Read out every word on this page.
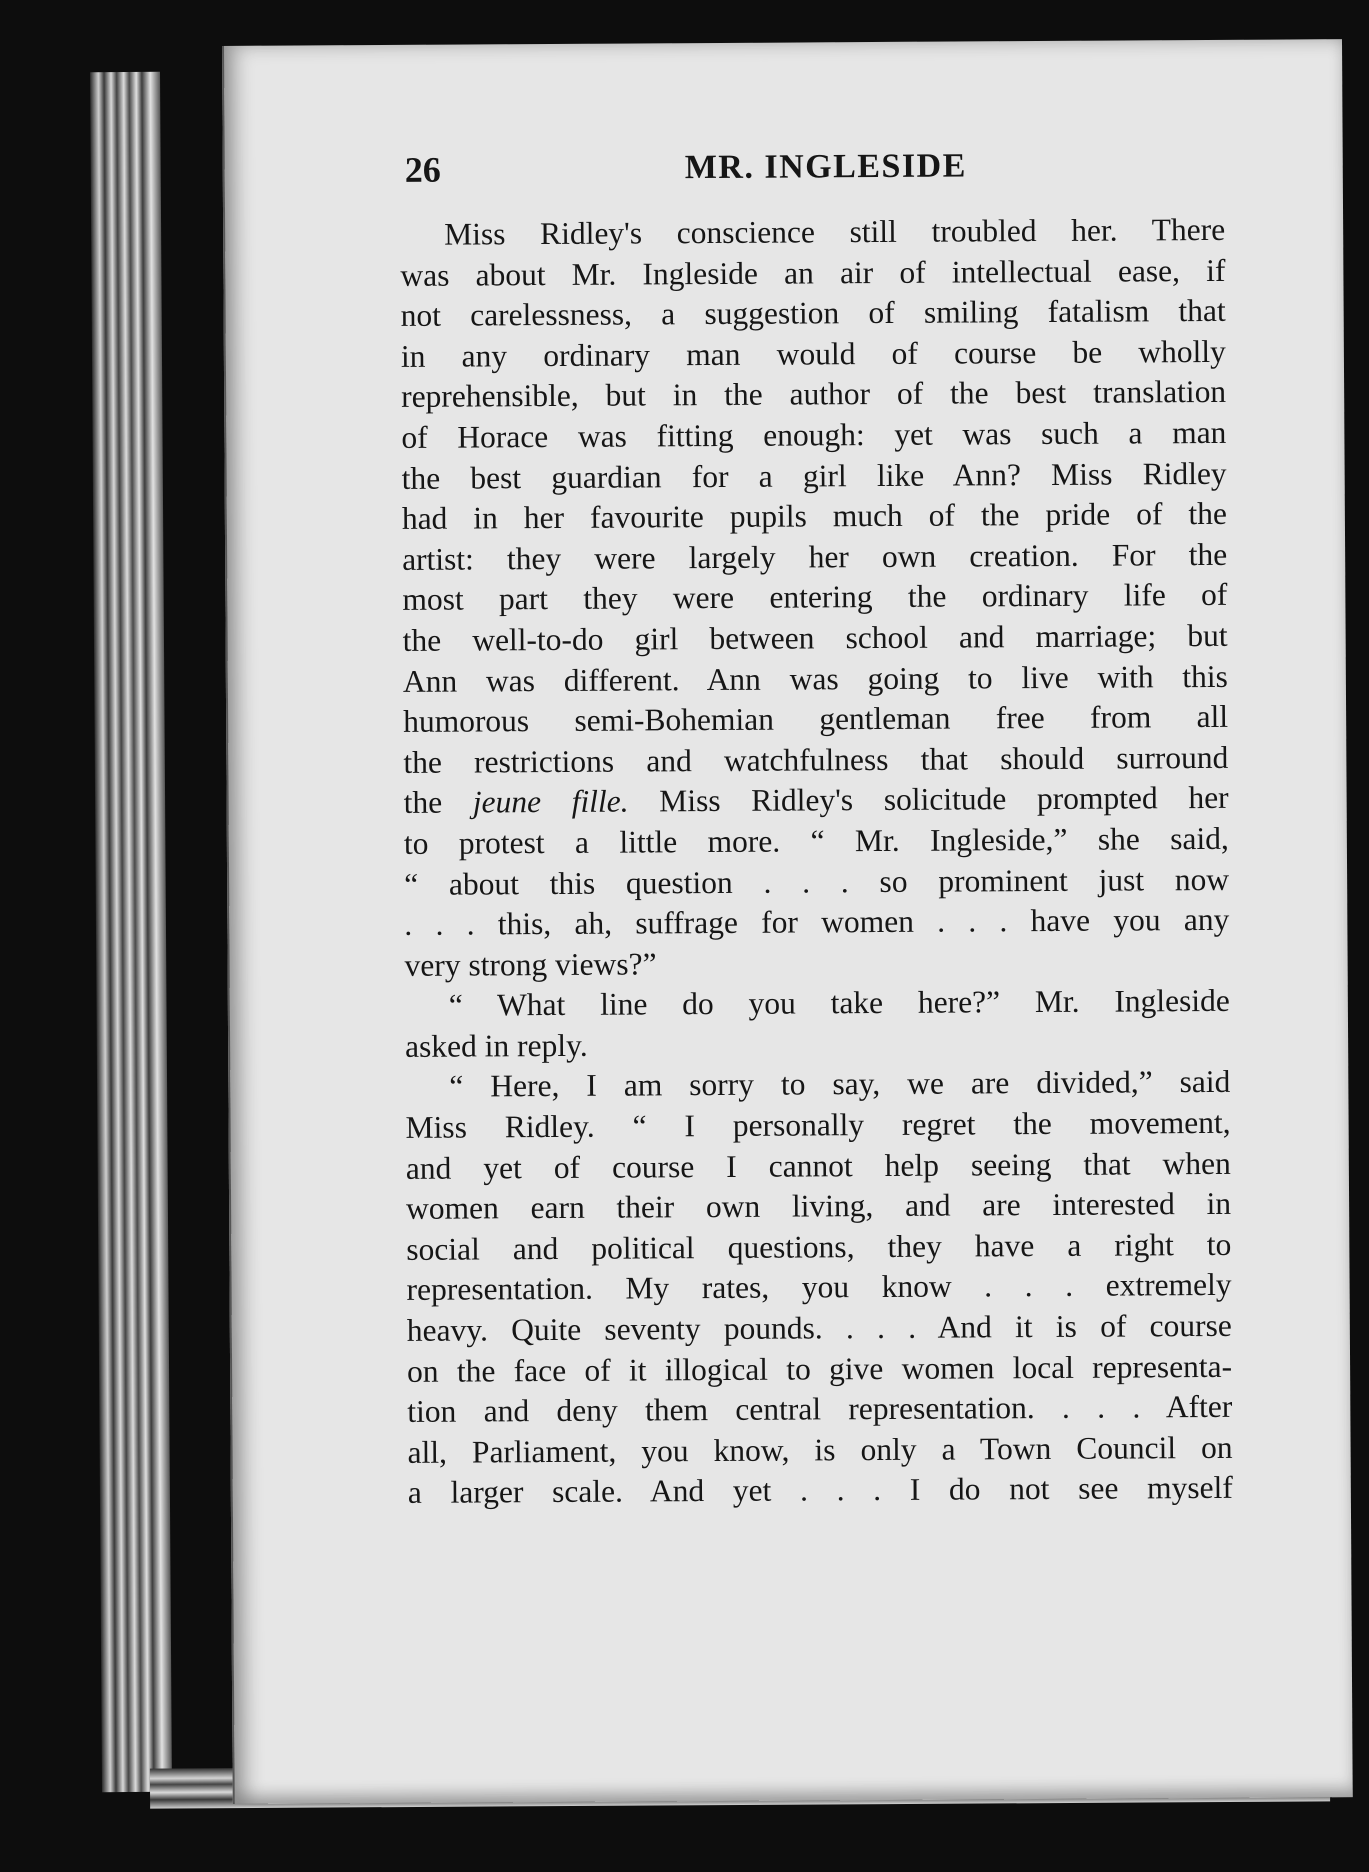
26	MR. INGLESIDE
Miss Ridley's conscience still troubled her. There
was about Mr. Ingleside an air of intellectual ease, if
not carelessness, a suggestion of smiling fatalism that
in any ordinary man would of course be wholly
reprehensible, but in the author of the best translation
of Horace was fitting enough: yet was such a man
the best guardian for a girl like Ann? Miss Ridley
had in her favourite pupils much of the pride of the
artist: they were largely her own creation. For the
most part they were entering the ordinary life of
the well-to-do girl between school and marriage; but
Ann was different. Ann was going to live with this
humorous semi-Bohemian gentleman free from all
the restrictions and watchfulness that should surround
the jeune fille. Miss Ridley's solicitude prompted her
to protest a little more. “ Mr. Ingleside,” she said,
“ about this question . . . so prominent just now
. . . this, ah, suffrage for women . . . have you any
very strong views?”
“ What line do you take here?” Mr. Ingleside
asked in reply.
“ Here, I am sorry to say, we are divided,” said
Miss Ridley. “ I personally regret the movement,
and yet of course I cannot help seeing that when
women earn their own living, and are interested in
social and political questions, they have a right to
representation. My rates, you know . . . extremely
heavy. Quite seventy pounds. . . . And it is of course
on the face of it illogical to give women local representa-
tion and deny them central representation. . . . After
all, Parliament, you know, is only a Town Council on
a larger scale. And yet . . . I do not see myself
